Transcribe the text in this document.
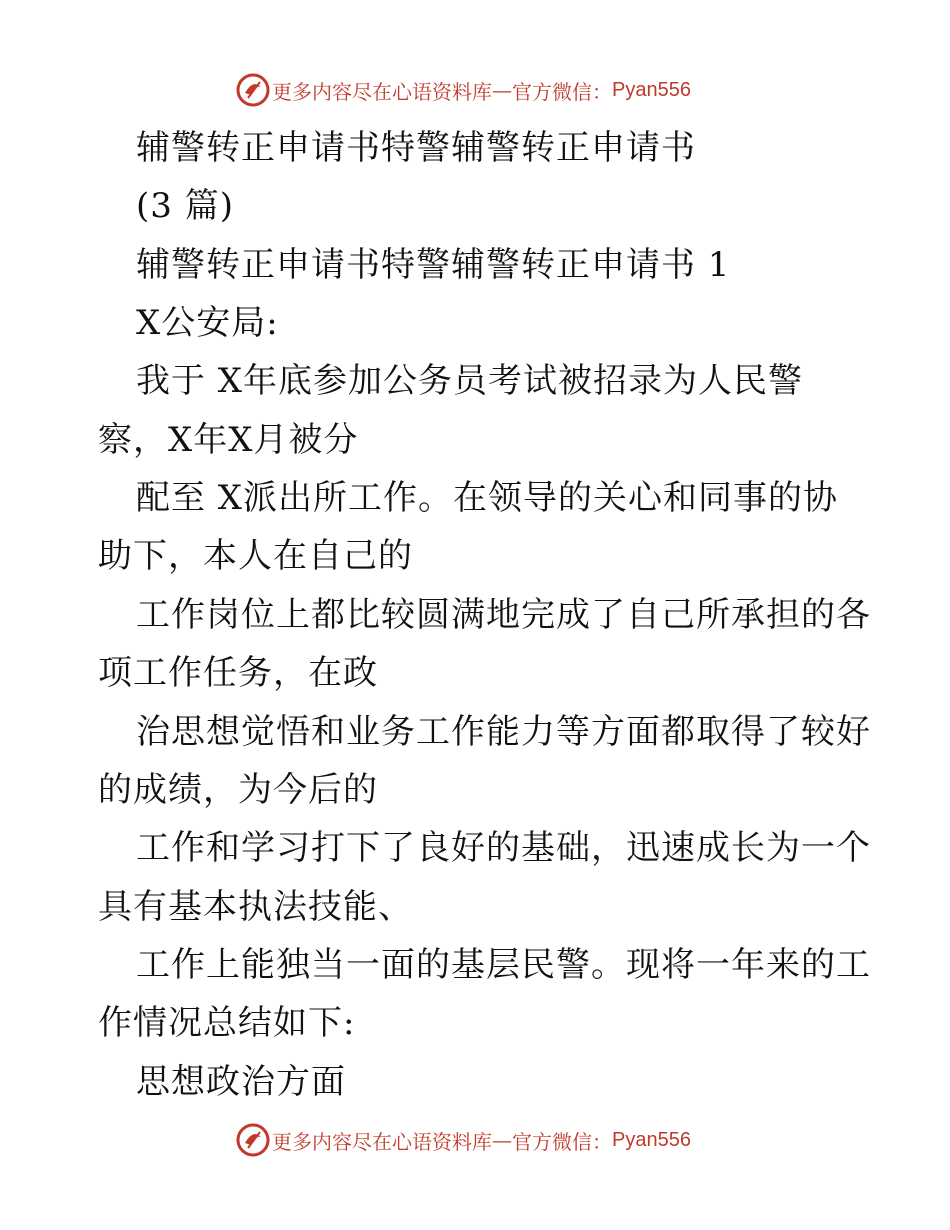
更多内容尽在心语资料库 — 官方微信： Pyan556
辅警转正申请书特警辅警转正申请书
(3 篇)
辅警转正申请书特警辅警转正申请书 1
X公安局:
我于 X年底参加公务员考试被招录为人民警
察，X年X月被分
配至 X派出所工作。在领导的关心和同事的协
助下，本人在自己的
工作岗位上都比较圆满地完成了自己所承担的各
项工作任务，在政
治思想觉悟和业务工作能力等方面都取得了较好
的成绩，为今后的
工作和学习打下了良好的基础，迅速成长为一个
具有基本执法技能、
工作上能独当一面的基层民警。现将一年来的工
作情况总结如下:
思想政治方面
更多内容尽在心语资料库 — 官方微信： Pyan556
